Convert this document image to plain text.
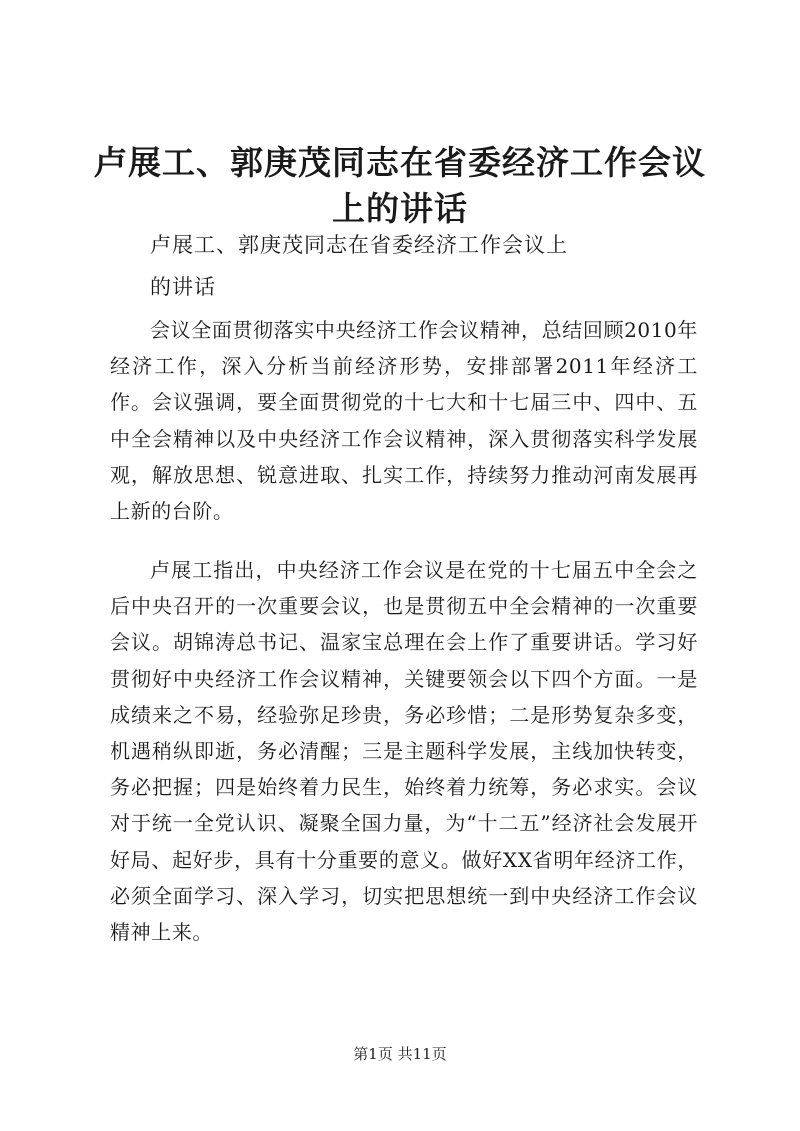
卢展工、郭庚茂同志在省委经济工作会议上的讲话

卢展工、郭庚茂同志在省委经济工作会议上

的讲话

会议全面贯彻落实中央经济工作会议精神，总结回顾2010年经济工作，深入分析当前经济形势，安排部署2011年经济工作。会议强调，要全面贯彻党的十七大和十七届三中、四中、五中全会精神以及中央经济工作会议精神，深入贯彻落实科学发展观，解放思想、锐意进取、扎实工作，持续努力推动河南发展再上新的台阶。

卢展工指出，中央经济工作会议是在党的十七届五中全会之后中央召开的一次重要会议，也是贯彻五中全会精神的一次重要会议。胡锦涛总书记、温家宝总理在会上作了重要讲话。学习好贯彻好中央经济工作会议精神，关键要领会以下四个方面。一是成绩来之不易，经验弥足珍贵，务必珍惜；二是形势复杂多变，机遇稍纵即逝，务必清醒；三是主题科学发展，主线加快转变，务必把握；四是始终着力民生，始终着力统筹，务必求实。会议对于统一全党认识、凝聚全国力量，为“十二五”经济社会发展开好局、起好步，具有十分重要的意义。做好XX省明年经济工作，必须全面学习、深入学习，切实把思想统一到中央经济工作会议精神上来。

第1页 共11页
